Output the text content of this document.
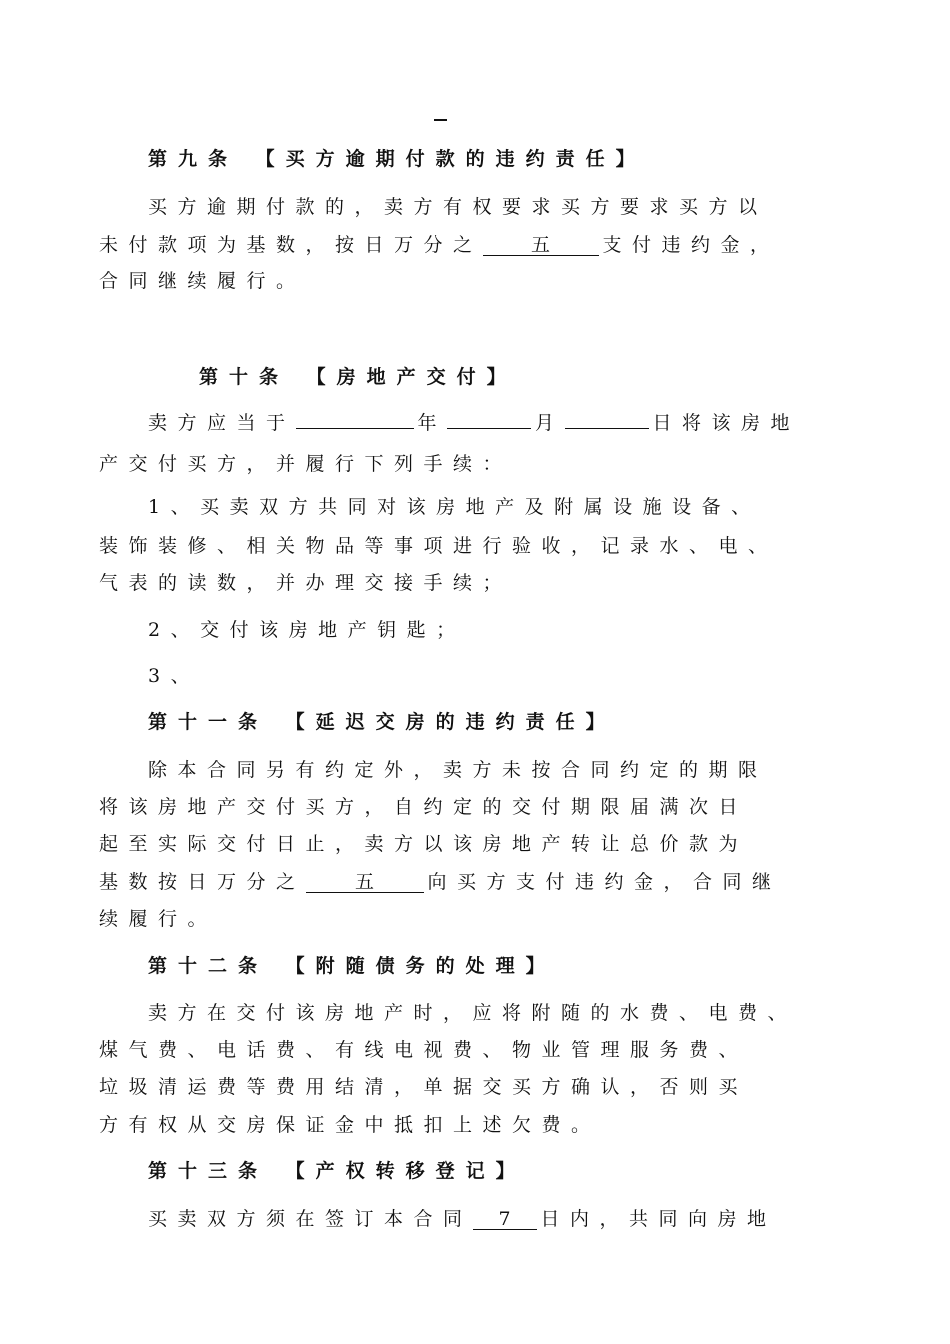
第九条 【买方逾期付款的违约责任】
买方逾期付款的，卖方有权要求买方要求买方以
未付款项为基数，按日万分之	五	支付违约金，
合同继续履行。
第十条 【房地产交付】
卖方应当于	年	月	日将该房地
产交付买方，并履行下列手续：
1、买卖双方共同对该房地产及附属设施设备、
装饰装修、相关物品等事项进行验收，记录水、电、
气表的读数，并办理交接手续；
2、交付该房地产钥匙；
3、
第十一条 【延迟交房的违约责任】
除本合同另有约定外，卖方未按合同约定的期限
将该房地产交付买方，自约定的交付期限届满次日
起至实际交付日止，卖方以该房地产转让总价款为
基数按日万分之	五	向买方支付违约金，合同继
续履行。
第十二条 【附随债务的处理】
卖方在交付该房地产时，应将附随的水费、电费、
煤气费、电话费、有线电视费、物业管理服务费、
垃圾清运费等费用结清，单据交买方确认，否则买
方有权从交房保证金中抵扣上述欠费。
第十三条 【产权转移登记】
买卖双方须在签订本合同 7 日内，共同向房地
